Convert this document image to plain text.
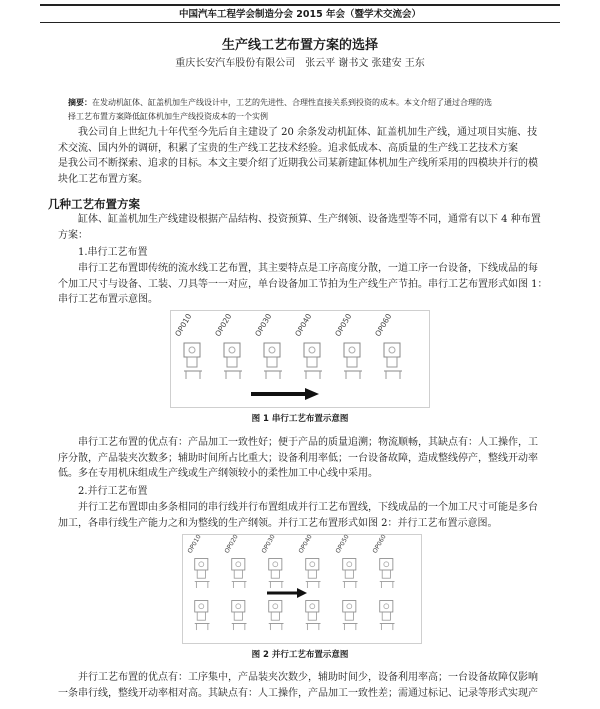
中国汽车工程学会制造分会 2015 年会（暨学术交流会）
生产线工艺布置方案的选择
重庆长安汽车股份有限公司　张云平 谢书文 张建安 王东
摘要：在发动机缸体、缸盖机加生产线设计中，工艺的先进性、合理性直接关系到投资的成本。本文介绍了通过合理的选
择工艺布置方案降低缸体机加生产线投资成本的一个实例
我公司自上世纪九十年代至今先后自主建设了 20 余条发动机缸体、缸盖机加生产线，通过项目实施、技
术交流、国内外的调研，积累了宝贵的生产线工艺技术经验。追求低成本、高质量的生产线工艺技术方案
是我公司不断探索、追求的目标。本文主要介绍了近期我公司某新建缸体机加生产线所采用的四模块并行的模
块化工艺布置方案。
几种工艺布置方案
缸体、缸盖机加生产线建设根据产品结构、投资预算、生产纲领、设备选型等不同，通常有以下 4 种布置
方案：
1.串行工艺布置
串行工艺布置即传统的流水线工艺布置，其主要特点是工序高度分散，一道工序一台设备，下线成品的每
个加工尺寸与设备、工装、刀具等一一对应，单台设备加工节拍为生产线生产节拍。串行工艺布置形式如图 1：
串行工艺布置示意图。
OP010	OP020	OP030	OP040	OP050	OP060
图 1 串行工艺布置示意图
串行工艺布置的优点有：产品加工一致性好；便于产品的质量追溯；物流顺畅，其缺点有：人工操作，工
序分散，产品装夹次数多；辅助时间所占比重大；设备利用率低；一台设备故障，造成整线停产，整线开动率
低。多在专用机床组成生产线或生产纲领较小的柔性加工中心线中采用。
2.并行工艺布置
并行工艺布置即由多条相同的串行线并行布置组成并行工艺布置线，下线成品的一个加工尺寸可能是多台
加工，各串行线生产能力之和为整线的生产纲领。并行工艺布置形式如图 2：并行工艺布置示意图。
OP010	OP020	OP030	OP040	OP050	OP060
图 2 并行工艺布置示意图
并行工艺布置的优点有：工序集中，产品装夹次数少，辅助时间少，设备利用率高；一台设备故障仅影响
一条串行线，整线开动率相对高。其缺点有：人工操作，产品加工一致性差；需通过标记、记录等形式实现产
